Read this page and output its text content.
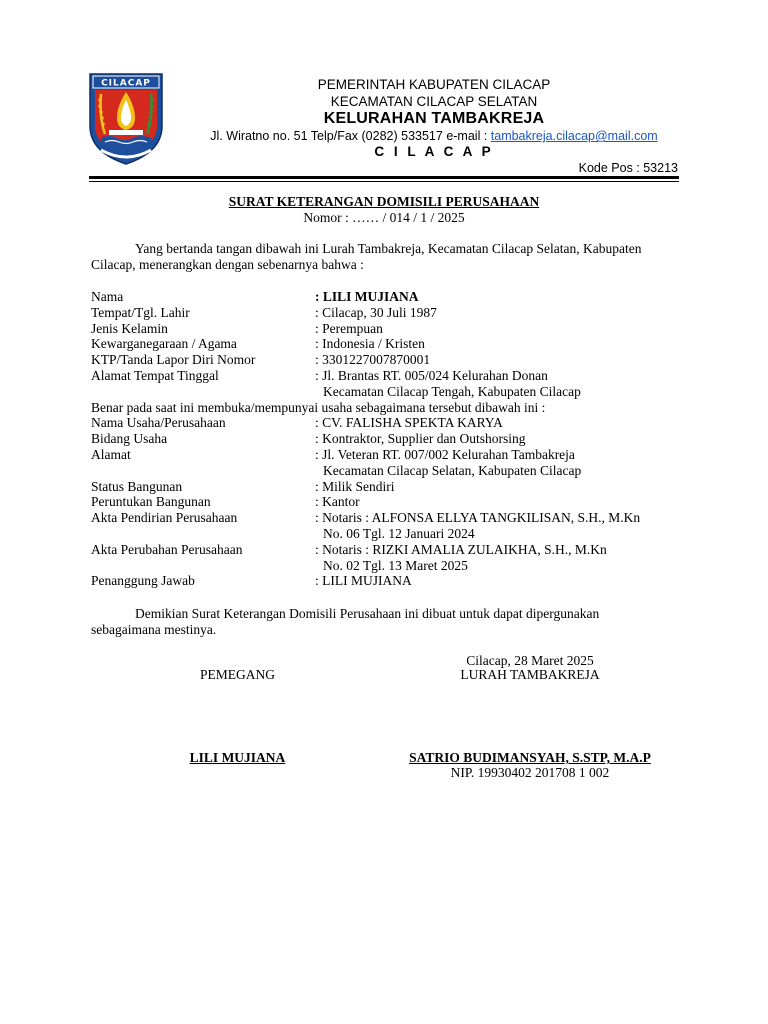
CILACAP	PEMERINTAH KABUPATEN CILACAP
KECAMATAN CILACAP SELATAN
KELURAHAN TAMBAKREJA
Jl. Wiratno no. 51 Telp/Fax (0282) 533517 e-mail : tambakreja.cilacap@mail.com
C I L A C A P
Kode Pos : 53213
SURAT KETERANGAN DOMISILI PERUSAHAAN
Nomor : …… / 014 / 1 / 2025
Yang bertanda tangan dibawah ini Lurah Tambakreja, Kecamatan Cilacap Selatan, Kabupaten Cilacap, menerangkan dengan sebenarnya bahwa :
Nama	: LILI MUJIANA
Tempat/Tgl. Lahir	: Cilacap, 30 Juli 1987
Jenis Kelamin	: Perempuan
Kewarganegaraan / Agama	: Indonesia / Kristen
KTP/Tanda Lapor Diri Nomor	: 3301227007870001
Alamat Tempat Tinggal	: Jl. Brantas RT. 005/024 Kelurahan Donan
Kecamatan Cilacap Tengah, Kabupaten Cilacap
Benar pada saat ini membuka/mempunyai usaha sebagaimana tersebut dibawah ini :
Nama Usaha/Perusahaan	: CV. FALISHA SPEKTA KARYA
Bidang Usaha	: Kontraktor, Supplier dan Outshorsing
Alamat	: Jl. Veteran RT. 007/002 Kelurahan Tambakreja
Kecamatan Cilacap Selatan, Kabupaten Cilacap
Status Bangunan	: Milik Sendiri
Peruntukan Bangunan	: Kantor
Akta Pendirian Perusahaan	: Notaris : ALFONSA ELLYA TANGKILISAN, S.H., M.Kn
No. 06 Tgl. 12 Januari 2024
Akta Perubahan Perusahaan	: Notaris : RIZKI AMALIA ZULAIKHA, S.H., M.Kn
No. 02 Tgl. 13 Maret 2025
Penanggung Jawab	: LILI MUJIANA
Demikian Surat Keterangan Domisili Perusahaan ini dibuat untuk dapat dipergunakan sebagaimana mestinya.
Cilacap, 28 Maret 2025
PEMEGANG	LURAH TAMBAKREJA
LILI MUJIANA	SATRIO BUDIMANSYAH, S.STP, M.A.P
NIP. 19930402 201708 1 002
